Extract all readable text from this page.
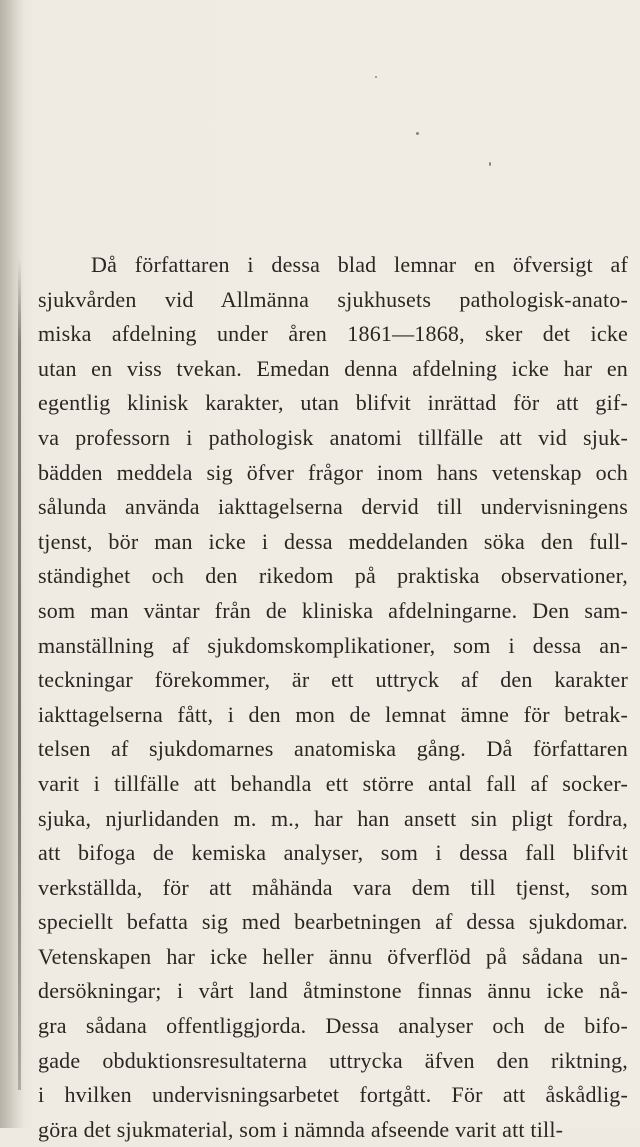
Då författaren i dessa blad lemnar en öfversigt af
sjukvården vid Allmänna sjukhusets pathologisk-anato-
miska afdelning under åren 1861—1868, sker det icke
utan en viss tvekan. Emedan denna afdelning icke har en
egentlig klinisk karakter, utan blifvit inrättad för att gif-
va professorn i pathologisk anatomi tillfälle att vid sjuk-
bädden meddela sig öfver frågor inom hans vetenskap och
sålunda använda iakttagelserna dervid till undervisningens
tjenst, bör man icke i dessa meddelanden söka den full-
ständighet och den rikedom på praktiska observationer,
som man väntar från de kliniska afdelningarne. Den sam-
manställning af sjukdomskomplikationer, som i dessa an-
teckningar förekommer, är ett uttryck af den karakter
iakttagelserna fått, i den mon de lemnat ämne för betrak-
telsen af sjukdomarnes anatomiska gång. Då författaren
varit i tillfälle att behandla ett större antal fall af socker-
sjuka, njurlidanden m. m., har han ansett sin pligt fordra,
att bifoga de kemiska analyser, som i dessa fall blifvit
verkställda, för att måhända vara dem till tjenst, som
speciellt befatta sig med bearbetningen af dessa sjukdomar.
Vetenskapen har icke heller ännu öfverflöd på sådana un-
dersökningar; i vårt land åtminstone finnas ännu icke nå-
gra sådana offentliggjorda. Dessa analyser och de bifo-
gade obduktionsresultaterna uttrycka äfven den riktning,
i hvilken undervisningsarbetet fortgått. För att åskådlig-
göra det sjukmaterial, som i nämnda afseende varit att till-
